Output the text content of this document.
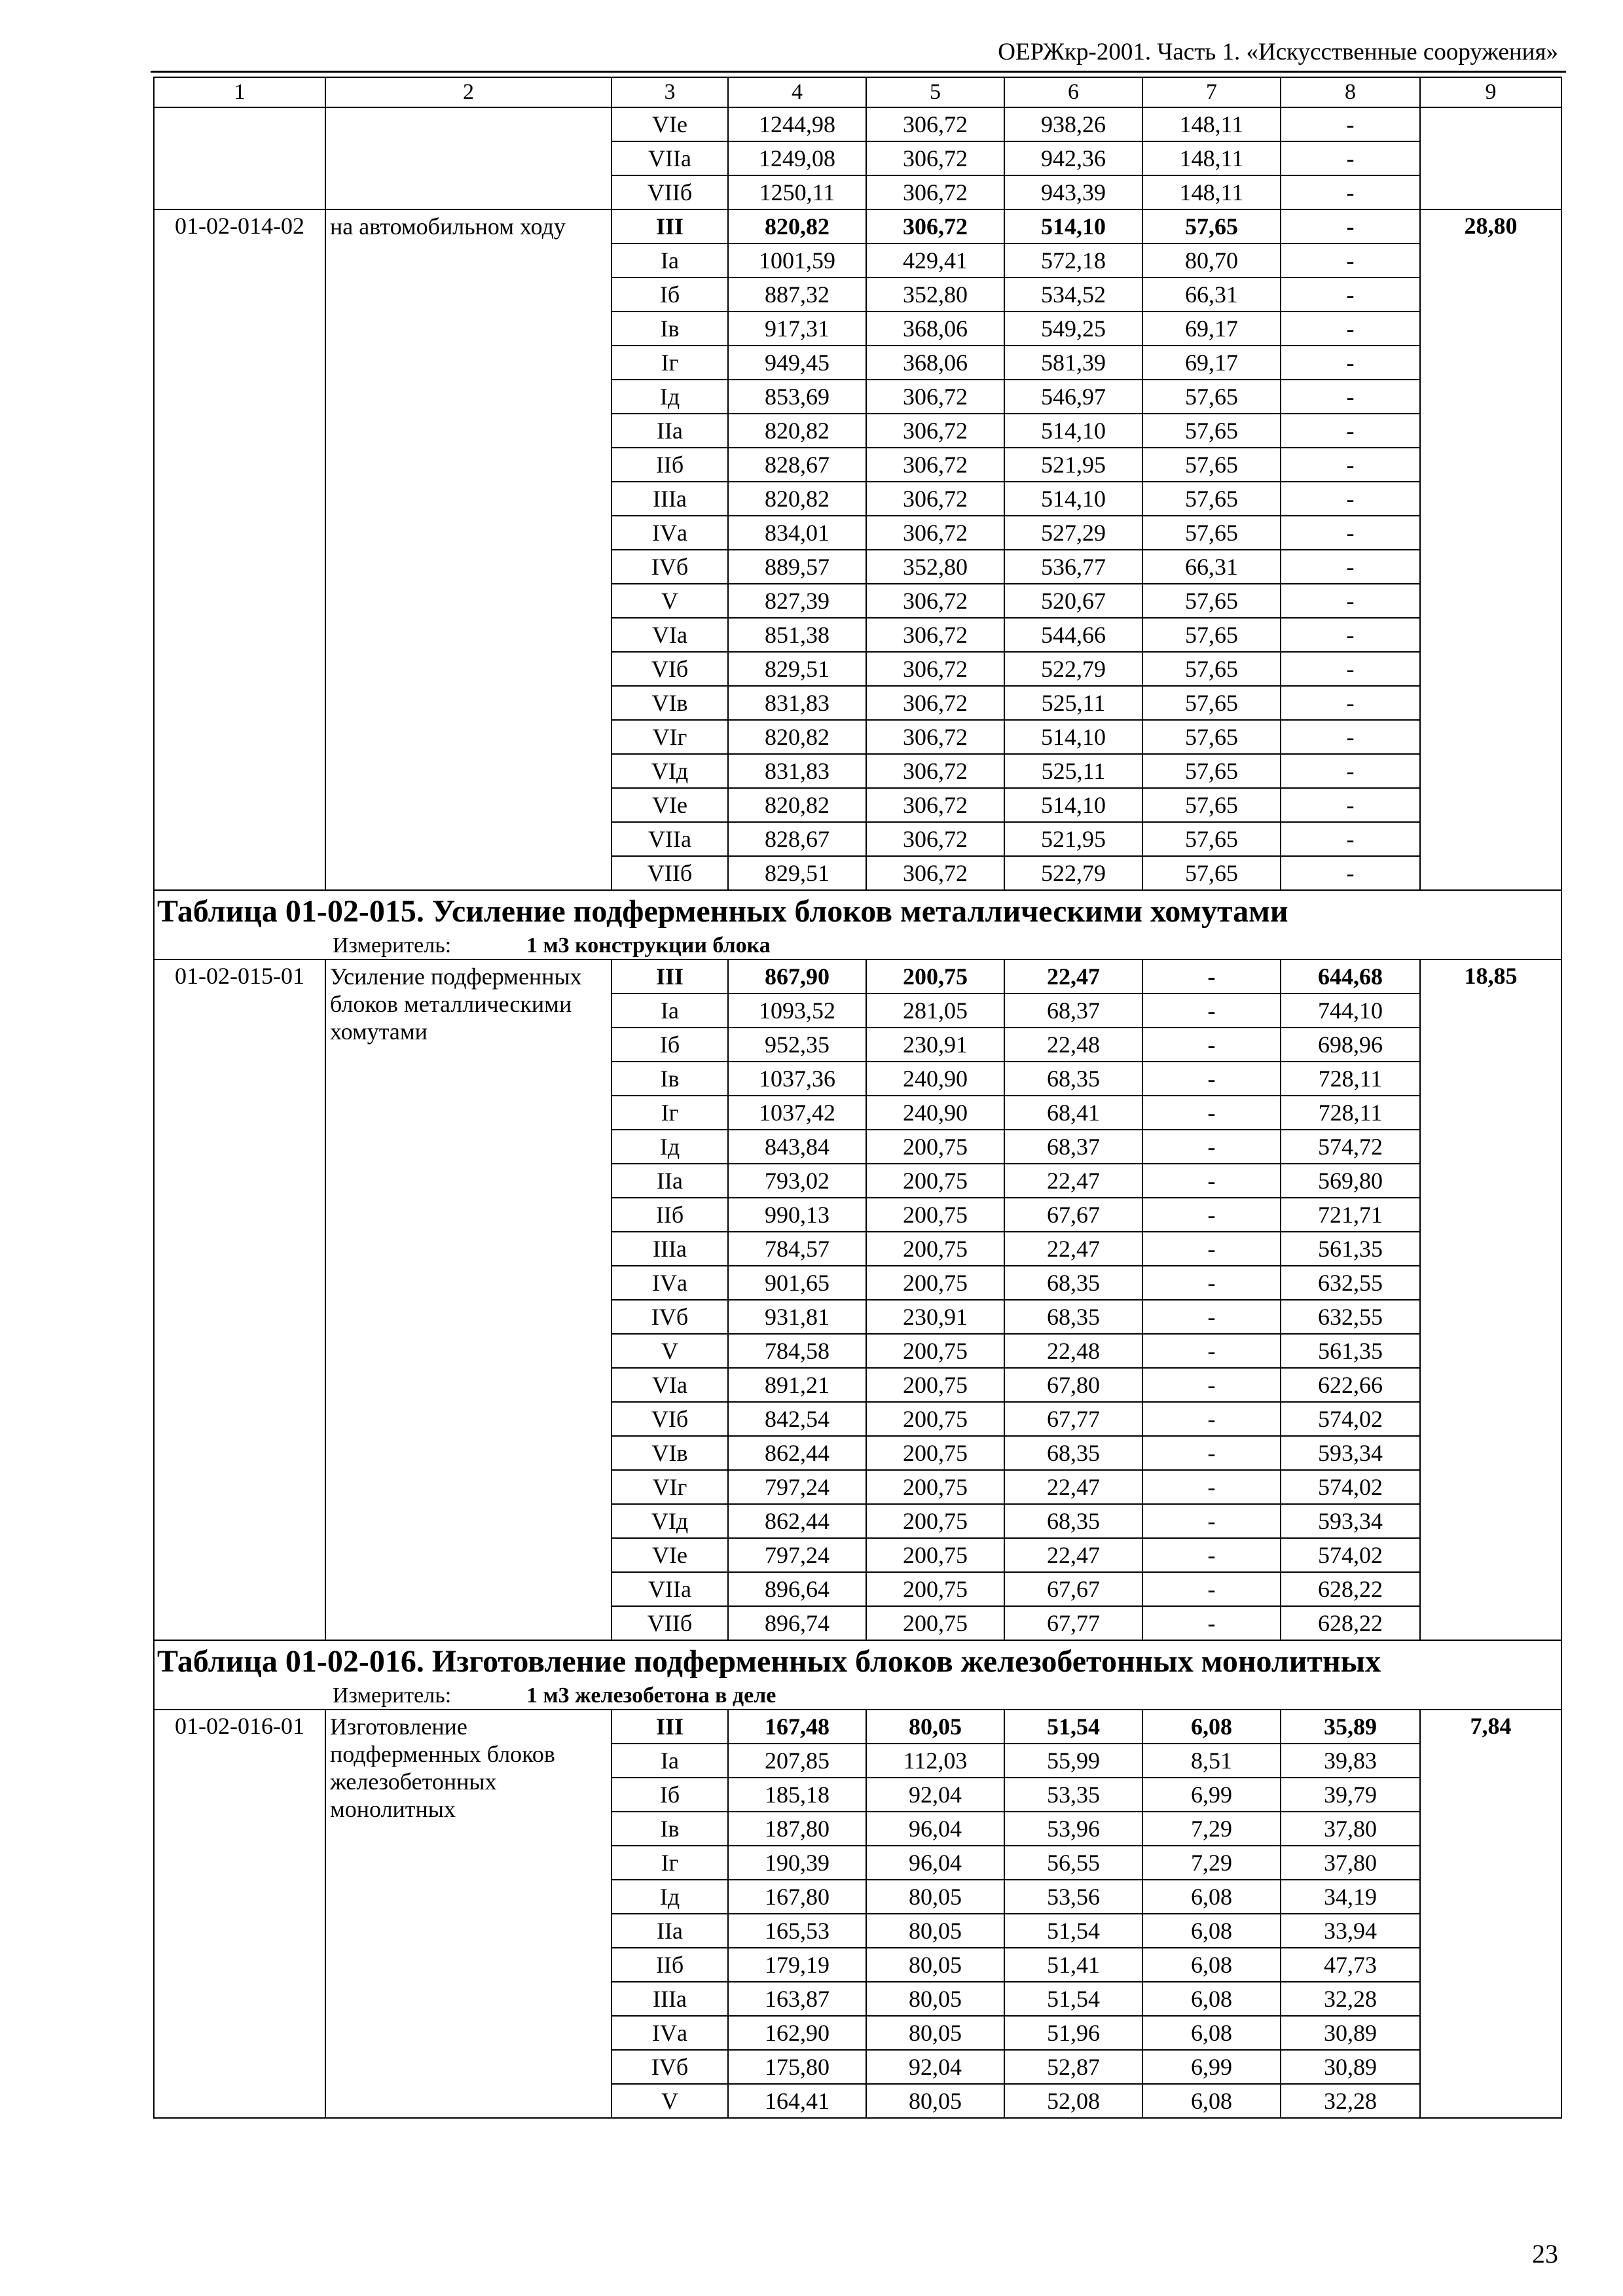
ОЕРЖкр-2001. Часть 1. «Искусственные сооружения»
1	2	3	4	5	6	7	8	9
		VIе	1244,98	306,72	938,26	148,11	-	
		VIIа	1249,08	306,72	942,36	148,11	-	
		VIIб	1250,11	306,72	943,39	148,11	-	
01-02-014-02	на автомобильном ходу	III	820,82	306,72	514,10	57,65	-	28,80
		Iа	1001,59	429,41	572,18	80,70	-	
		Iб	887,32	352,80	534,52	66,31	-	
		Iв	917,31	368,06	549,25	69,17	-	
		Iг	949,45	368,06	581,39	69,17	-	
		Iд	853,69	306,72	546,97	57,65	-	
		IIа	820,82	306,72	514,10	57,65	-	
		IIб	828,67	306,72	521,95	57,65	-	
		IIIа	820,82	306,72	514,10	57,65	-	
		IVа	834,01	306,72	527,29	57,65	-	
		IVб	889,57	352,80	536,77	66,31	-	
		V	827,39	306,72	520,67	57,65	-	
		VIа	851,38	306,72	544,66	57,65	-	
		VIб	829,51	306,72	522,79	57,65	-	
		VIв	831,83	306,72	525,11	57,65	-	
		VIг	820,82	306,72	514,10	57,65	-	
		VIд	831,83	306,72	525,11	57,65	-	
		VIе	820,82	306,72	514,10	57,65	-	
		VIIа	828,67	306,72	521,95	57,65	-	
		VIIб	829,51	306,72	522,79	57,65	-	
Таблица 01-02-015. Усиление подферменных блоков металлическими хомутами								
Измеритель: 1 м3 конструкции блока								
01-02-015-01	Усиление подферменных блоков металлическими хомутами	III	867,90	200,75	22,47	-	644,68	18,85
		Iа	1093,52	281,05	68,37	-	744,10	
		Iб	952,35	230,91	22,48	-	698,96	
		Iв	1037,36	240,90	68,35	-	728,11	
		Iг	1037,42	240,90	68,41	-	728,11	
		Iд	843,84	200,75	68,37	-	574,72	
		IIа	793,02	200,75	22,47	-	569,80	
		IIб	990,13	200,75	67,67	-	721,71	
		IIIа	784,57	200,75	22,47	-	561,35	
		IVа	901,65	200,75	68,35	-	632,55	
		IVб	931,81	230,91	68,35	-	632,55	
		V	784,58	200,75	22,48	-	561,35	
		VIа	891,21	200,75	67,80	-	622,66	
		VIб	842,54	200,75	67,77	-	574,02	
		VIв	862,44	200,75	68,35	-	593,34	
		VIг	797,24	200,75	22,47	-	574,02	
		VIд	862,44	200,75	68,35	-	593,34	
		VIе	797,24	200,75	22,47	-	574,02	
		VIIа	896,64	200,75	67,67	-	628,22	
		VIIб	896,74	200,75	67,77	-	628,22	
Таблица 01-02-016. Изготовление подферменных блоков железобетонных монолитных								
Измеритель: 1 м3 железобетона в деле								
01-02-016-01	Изготовление подферменных блоков железобетонных монолитных	III	167,48	80,05	51,54	6,08	35,89	7,84
		Iа	207,85	112,03	55,99	8,51	39,83	
		Iб	185,18	92,04	53,35	6,99	39,79	
		Iв	187,80	96,04	53,96	7,29	37,80	
		Iг	190,39	96,04	56,55	7,29	37,80	
		Iд	167,80	80,05	53,56	6,08	34,19	
		IIа	165,53	80,05	51,54	6,08	33,94	
		IIб	179,19	80,05	51,41	6,08	47,73	
		IIIа	163,87	80,05	51,54	6,08	32,28	
		IVа	162,90	80,05	51,96	6,08	30,89	
		IVб	175,80	92,04	52,87	6,99	30,89	
		V	164,41	80,05	52,08	6,08	32,28	
23
